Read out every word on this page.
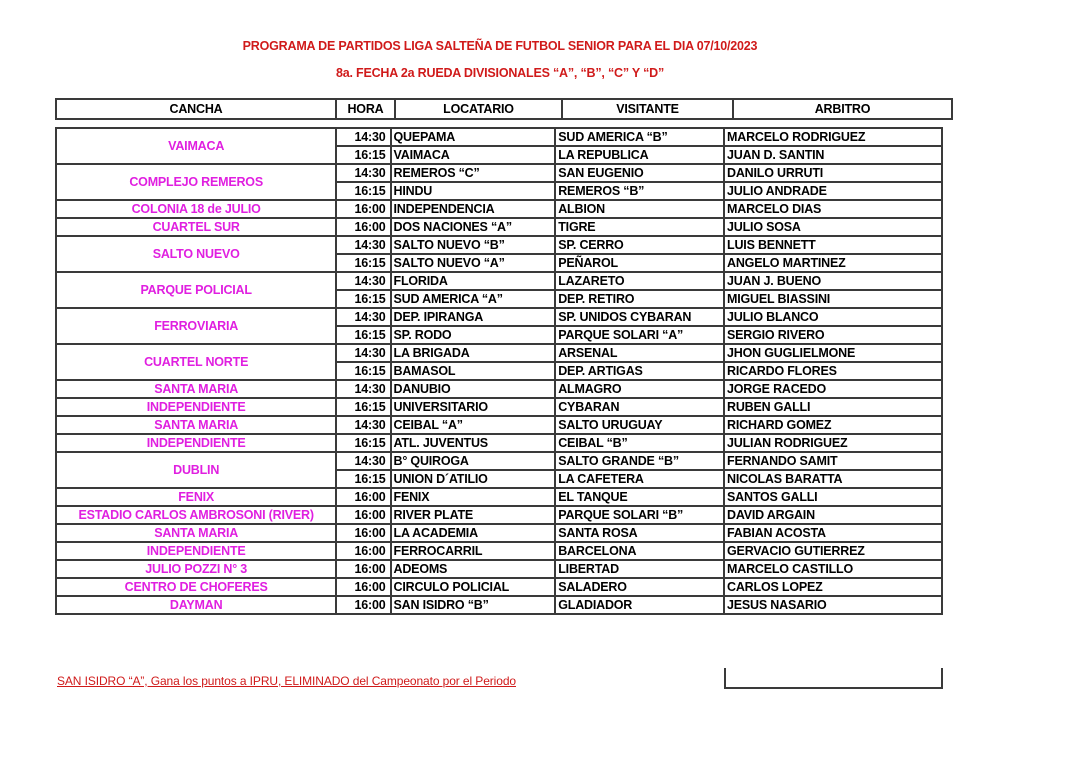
PROGRAMA DE PARTIDOS LIGA SALTEÑA DE FUTBOL SENIOR PARA EL DIA 07/10/2023
8a. FECHA 2a RUEDA DIVISIONALES “A”, “B”, “C” Y “D”
CANCHA	HORA	LOCATARIO	VISITANTE	ARBITRO
VAIMACA	14:30	QUEPAMA	SUD AMERICA “B”	MARCELO RODRIGUEZ
	16:15	VAIMACA	LA REPUBLICA	JUAN D. SANTIN
COMPLEJO REMEROS	14:30	REMEROS “C”	SAN EUGENIO	DANILO URRUTI
	16:15	HINDU	REMEROS “B”	JULIO ANDRADE
COLONIA 18 de JULIO	16:00	INDEPENDENCIA	ALBION	MARCELO DIAS
CUARTEL SUR	16:00	DOS NACIONES “A”	TIGRE	JULIO SOSA
SALTO NUEVO	14:30	SALTO NUEVO “B”	SP. CERRO	LUIS BENNETT
	16:15	SALTO NUEVO “A”	PEÑAROL	ANGELO MARTINEZ
PARQUE POLICIAL	14:30	FLORIDA	LAZARETO	JUAN J. BUENO
	16:15	SUD AMERICA “A”	DEP. RETIRO	MIGUEL BIASSINI
FERROVIARIA	14:30	DEP. IPIRANGA	SP. UNIDOS CYBARAN	JULIO BLANCO
	16:15	SP. RODO	PARQUE SOLARI “A”	SERGIO RIVERO
CUARTEL NORTE	14:30	LA BRIGADA	ARSENAL	JHON GUGLIELMONE
	16:15	BAMASOL	DEP. ARTIGAS	RICARDO FLORES
SANTA MARIA	14:30	DANUBIO	ALMAGRO	JORGE RACEDO
INDEPENDIENTE	16:15	UNIVERSITARIO	CYBARAN	RUBEN GALLI
SANTA MARIA	14:30	CEIBAL “A”	SALTO URUGUAY	RICHARD GOMEZ
INDEPENDIENTE	16:15	ATL. JUVENTUS	CEIBAL “B”	JULIAN RODRIGUEZ
DUBLIN	14:30	B° QUIROGA	SALTO GRANDE “B”	FERNANDO SAMIT
	16:15	UNION D´ATILIO	LA CAFETERA	NICOLAS BARATTA
FENIX	16:00	FENIX	EL TANQUE	SANTOS GALLI
ESTADIO CARLOS AMBROSONI (RIVER)	16:00	RIVER PLATE	PARQUE SOLARI “B”	DAVID ARGAIN
SANTA MARIA	16:00	LA ACADEMIA	SANTA ROSA	FABIAN ACOSTA
INDEPENDIENTE	16:00	FERROCARRIL	BARCELONA	GERVACIO GUTIERREZ
JULIO POZZI N° 3	16:00	ADEOMS	LIBERTAD	MARCELO CASTILLO
CENTRO DE CHOFERES	16:00	CIRCULO POLICIAL	SALADERO	CARLOS LOPEZ
DAYMAN	16:00	SAN ISIDRO “B”	GLADIADOR	JESUS NASARIO
SAN ISIDRO “A”, Gana los puntos a IPRU, ELIMINADO del Campeonato por el Periodo
